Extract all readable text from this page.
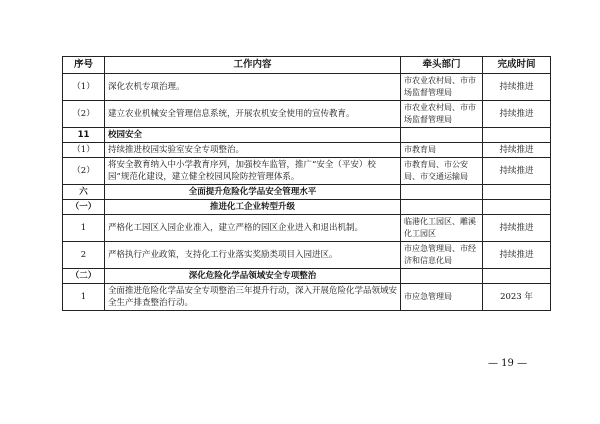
序号	工作内容	牵头部门	完成时间
（1）	深化农机专项治理。	市农业农村局、市市场监督管理局	持续推进
（2）	建立农业机械安全管理信息系统，开展农机安全使用的宣传教育。	市农业农村局、市市场监督管理局	持续推进
11	校园安全		
（1）	持续推进校园实验室安全专项整治。	市教育局	持续推进
（2）	将安全教育纳入中小学教育序列，加强校车监管，推广“安全（平安）校园”规范化建设，建立健全校园风险防控管理体系。	市教育局、市公安局、市交通运输局	持续推进
六	全面提升危险化学品安全管理水平		
（一）	推进化工企业转型升级		
1	严格化工园区入园企业准入，建立严格的园区企业进入和退出机制。	临港化工园区、雕溪化工园区	持续推进
2	严格执行产业政策，支持化工行业落实奖励类项目入园进区。	市应急管理局、市经济和信息化局	持续推进
（二）	深化危险化学品领域安全专项整治		
1	全面推进危险化学品安全专项整治三年提升行动，深入开展危险化学品领域安全生产排查整治行动。	市应急管理局	2023 年
— 19 —
